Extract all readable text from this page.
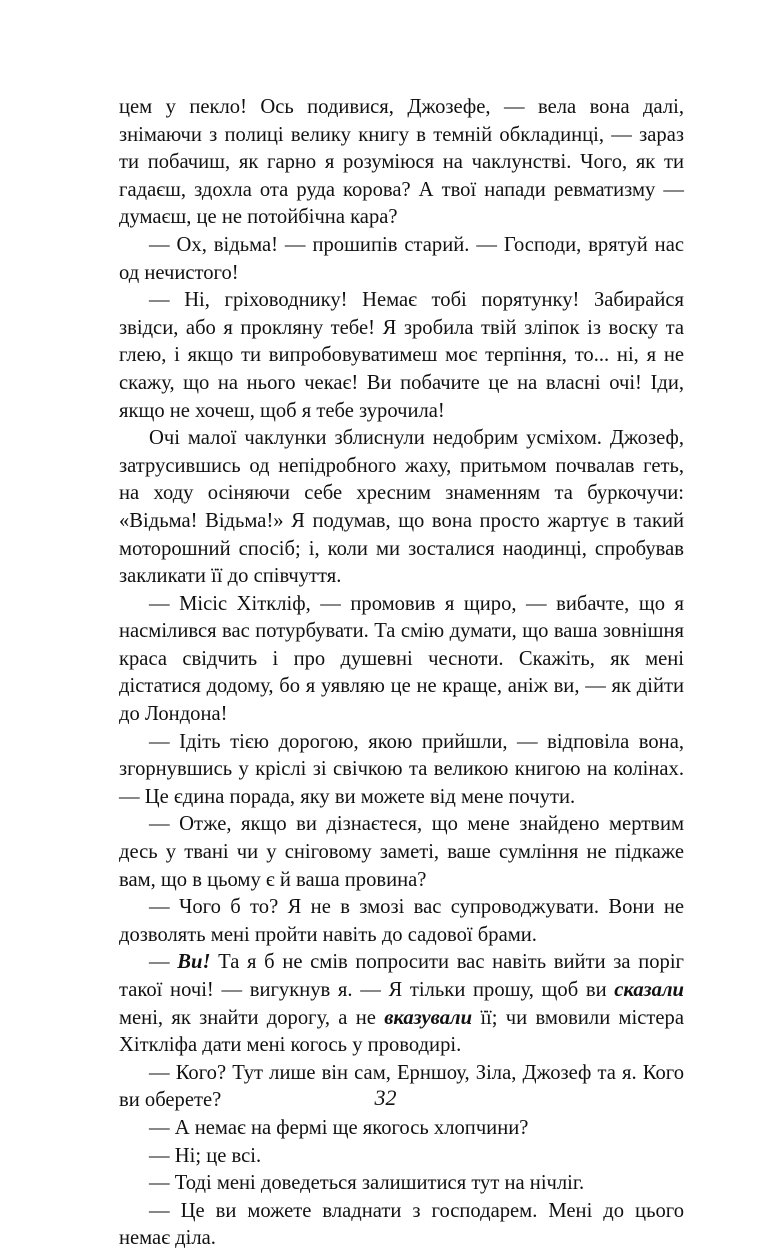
цем у пекло! Ось подивися, Джозефе, — вела вона далі, знімаючи з полиці велику книгу в темній обкладинці, — зараз ти побачиш, як гарно я розуміюся на чаклунстві. Чого, як ти гадаєш, здохла ота руда корова? А твої напади ревматизму — думаєш, це не потойбічна кара?

— Ох, відьма! — прошипів старий. — Господи, врятуй нас од нечистого!

— Ні, гріховоднику! Немає тобі порятунку! Забирайся звідси, або я прокляну тебе! Я зробила твій зліпок із воску та глею, і якщо ти випробовуватимеш моє терпіння, то... ні, я не скажу, що на нього чекає! Ви побачите це на власні очі! Іди, якщо не хочеш, щоб я тебе зурочила!

Очі малої чаклунки зблиснули недобрим усміхом. Джозеф, затрусившись од непідробного жаху, притьмом почвалав геть, на ходу осіняючи себе хресним знаменням та буркочучи: «Відьма! Відьма!» Я подумав, що вона просто жартує в такий моторошний спосіб; і, коли ми зосталися наодинці, спробував закликати її до співчуття.

— Місіс Хіткліф, — промовив я щиро, — вибачте, що я насмілився вас потурбувати. Та смію думати, що ваша зовнішня краса свідчить і про душевні чесноти. Скажіть, як мені дістатися додому, бо я уявляю це не краще, аніж ви, — як дійти до Лондона!

— Ідіть тією дорогою, якою прийшли, — відповіла вона, згорнувшись у кріслі зі свічкою та великою книгою на колінах. — Це єдина порада, яку ви можете від мене почути.

— Отже, якщо ви дізнаєтеся, що мене знайдено мертвим десь у твані чи у сніговому заметі, ваше сумління не підкаже вам, що в цьому є й ваша провина?

— Чого б то? Я не в змозі вас супроводжувати. Вони не дозволять мені пройти навіть до садової брами.

— Ви! Та я б не смів попросити вас навіть вийти за поріг такої ночі! — вигукнув я. — Я тільки прошу, щоб ви сказали мені, як знайти дорогу, а не вказували її; чи вмовили містера Хіткліфа дати мені когось у проводирі.

— Кого? Тут лише він сам, Ерншоу, Зіла, Джозеф та я. Кого ви оберете?

— А немає на фермі ще якогось хлопчини?

— Ні; це всі.

— Тоді мені доведеться залишитися тут на нічліг.

— Це ви можете владнати з господарем. Мені до цього немає діла.

32
